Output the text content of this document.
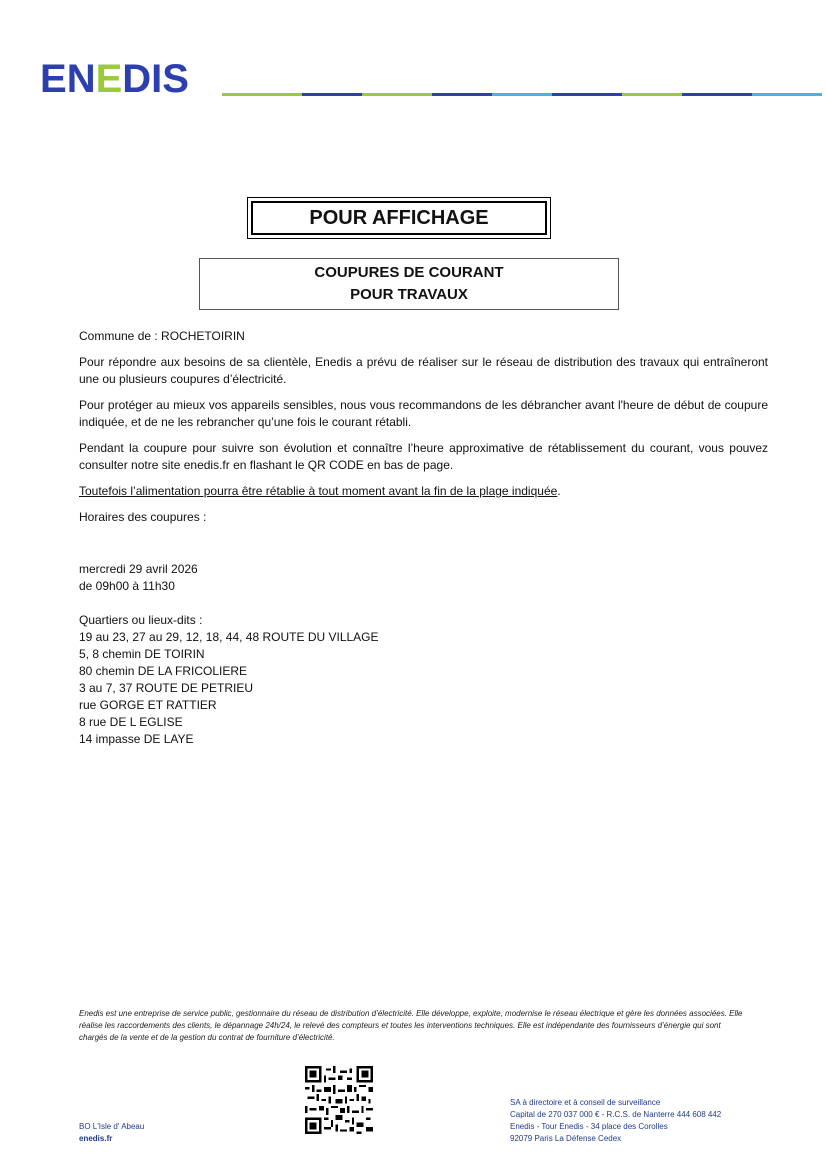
ENEDIS
POUR AFFICHAGE
COUPURES DE COURANT
POUR TRAVAUX

Commune de : ROCHETOIRIN

Pour répondre aux besoins de sa clientèle, Enedis a prévu de réaliser sur le réseau de distribution des travaux qui entraîneront une ou plusieurs coupures d’électricité.

Pour protéger au mieux vos appareils sensibles, nous vous recommandons de les débrancher avant l'heure de début de coupure indiquée, et de ne les rebrancher qu’une fois le courant rétabli.

Pendant la coupure pour suivre son évolution et connaître l’heure approximative de rétablissement du courant, vous pouvez consulter notre site enedis.fr en flashant le QR CODE en bas de page.

Toutefois l’alimentation pourra être rétablie à tout moment avant la fin de la plage indiquée.

Horaires des coupures :

mercredi 29 avril 2026
de 09h00 à 11h30
Quartiers ou lieux-dits :
19 au 23, 27 au 29, 12, 18, 44, 48 ROUTE DU VILLAGE
5, 8 chemin DE TOIRIN
80 chemin DE LA FRICOLIERE
3 au 7, 37 ROUTE DE PETRIEU
rue GORGE ET RATTIER
8 rue DE L EGLISE
14 impasse DE LAYE
Enedis est une entreprise de service public, gestionnaire du réseau de distribution d’électricité. Elle développe, exploite, modernise le réseau électrique et gère les données associées. Elle réalise les raccordements des clients, le dépannage 24h/24, le relevé des compteurs et toutes les interventions techniques. Elle est indépendante des fournisseurs d’énergie qui sont chargés de la vente et de la gestion du contrat de fourniture d’électricité.
BO L'Isle d' Abeau
enedis.fr
SA à directoire et à conseil de surveillance
Capital de 270 037 000 € - R.C.S. de Nanterre 444 608 442
Enedis - Tour Enedis - 34 place des Corolles
92079 Paris La Défense Cedex
